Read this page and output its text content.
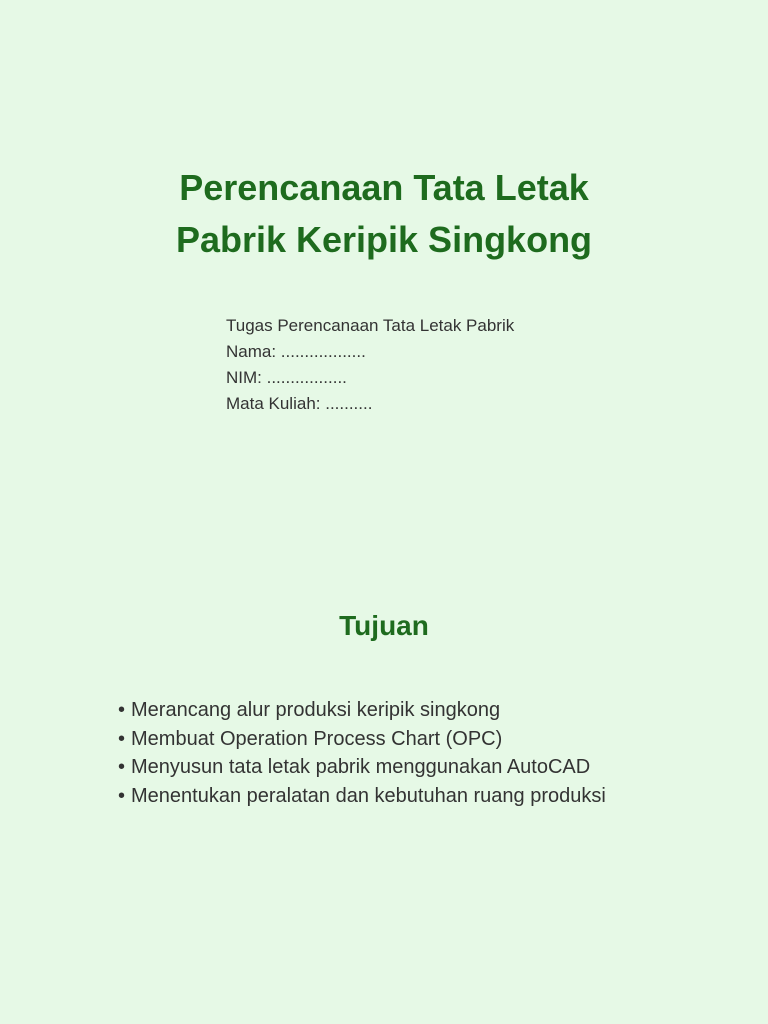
Perencanaan Tata Letak
Pabrik Keripik Singkong
Tugas Perencanaan Tata Letak Pabrik
Nama: ..................
NIM: .................
Mata Kuliah: ..........
Tujuan
• Merancang alur produksi keripik singkong
• Membuat Operation Process Chart (OPC)
• Menyusun tata letak pabrik menggunakan AutoCAD
• Menentukan peralatan dan kebutuhan ruang produksi
